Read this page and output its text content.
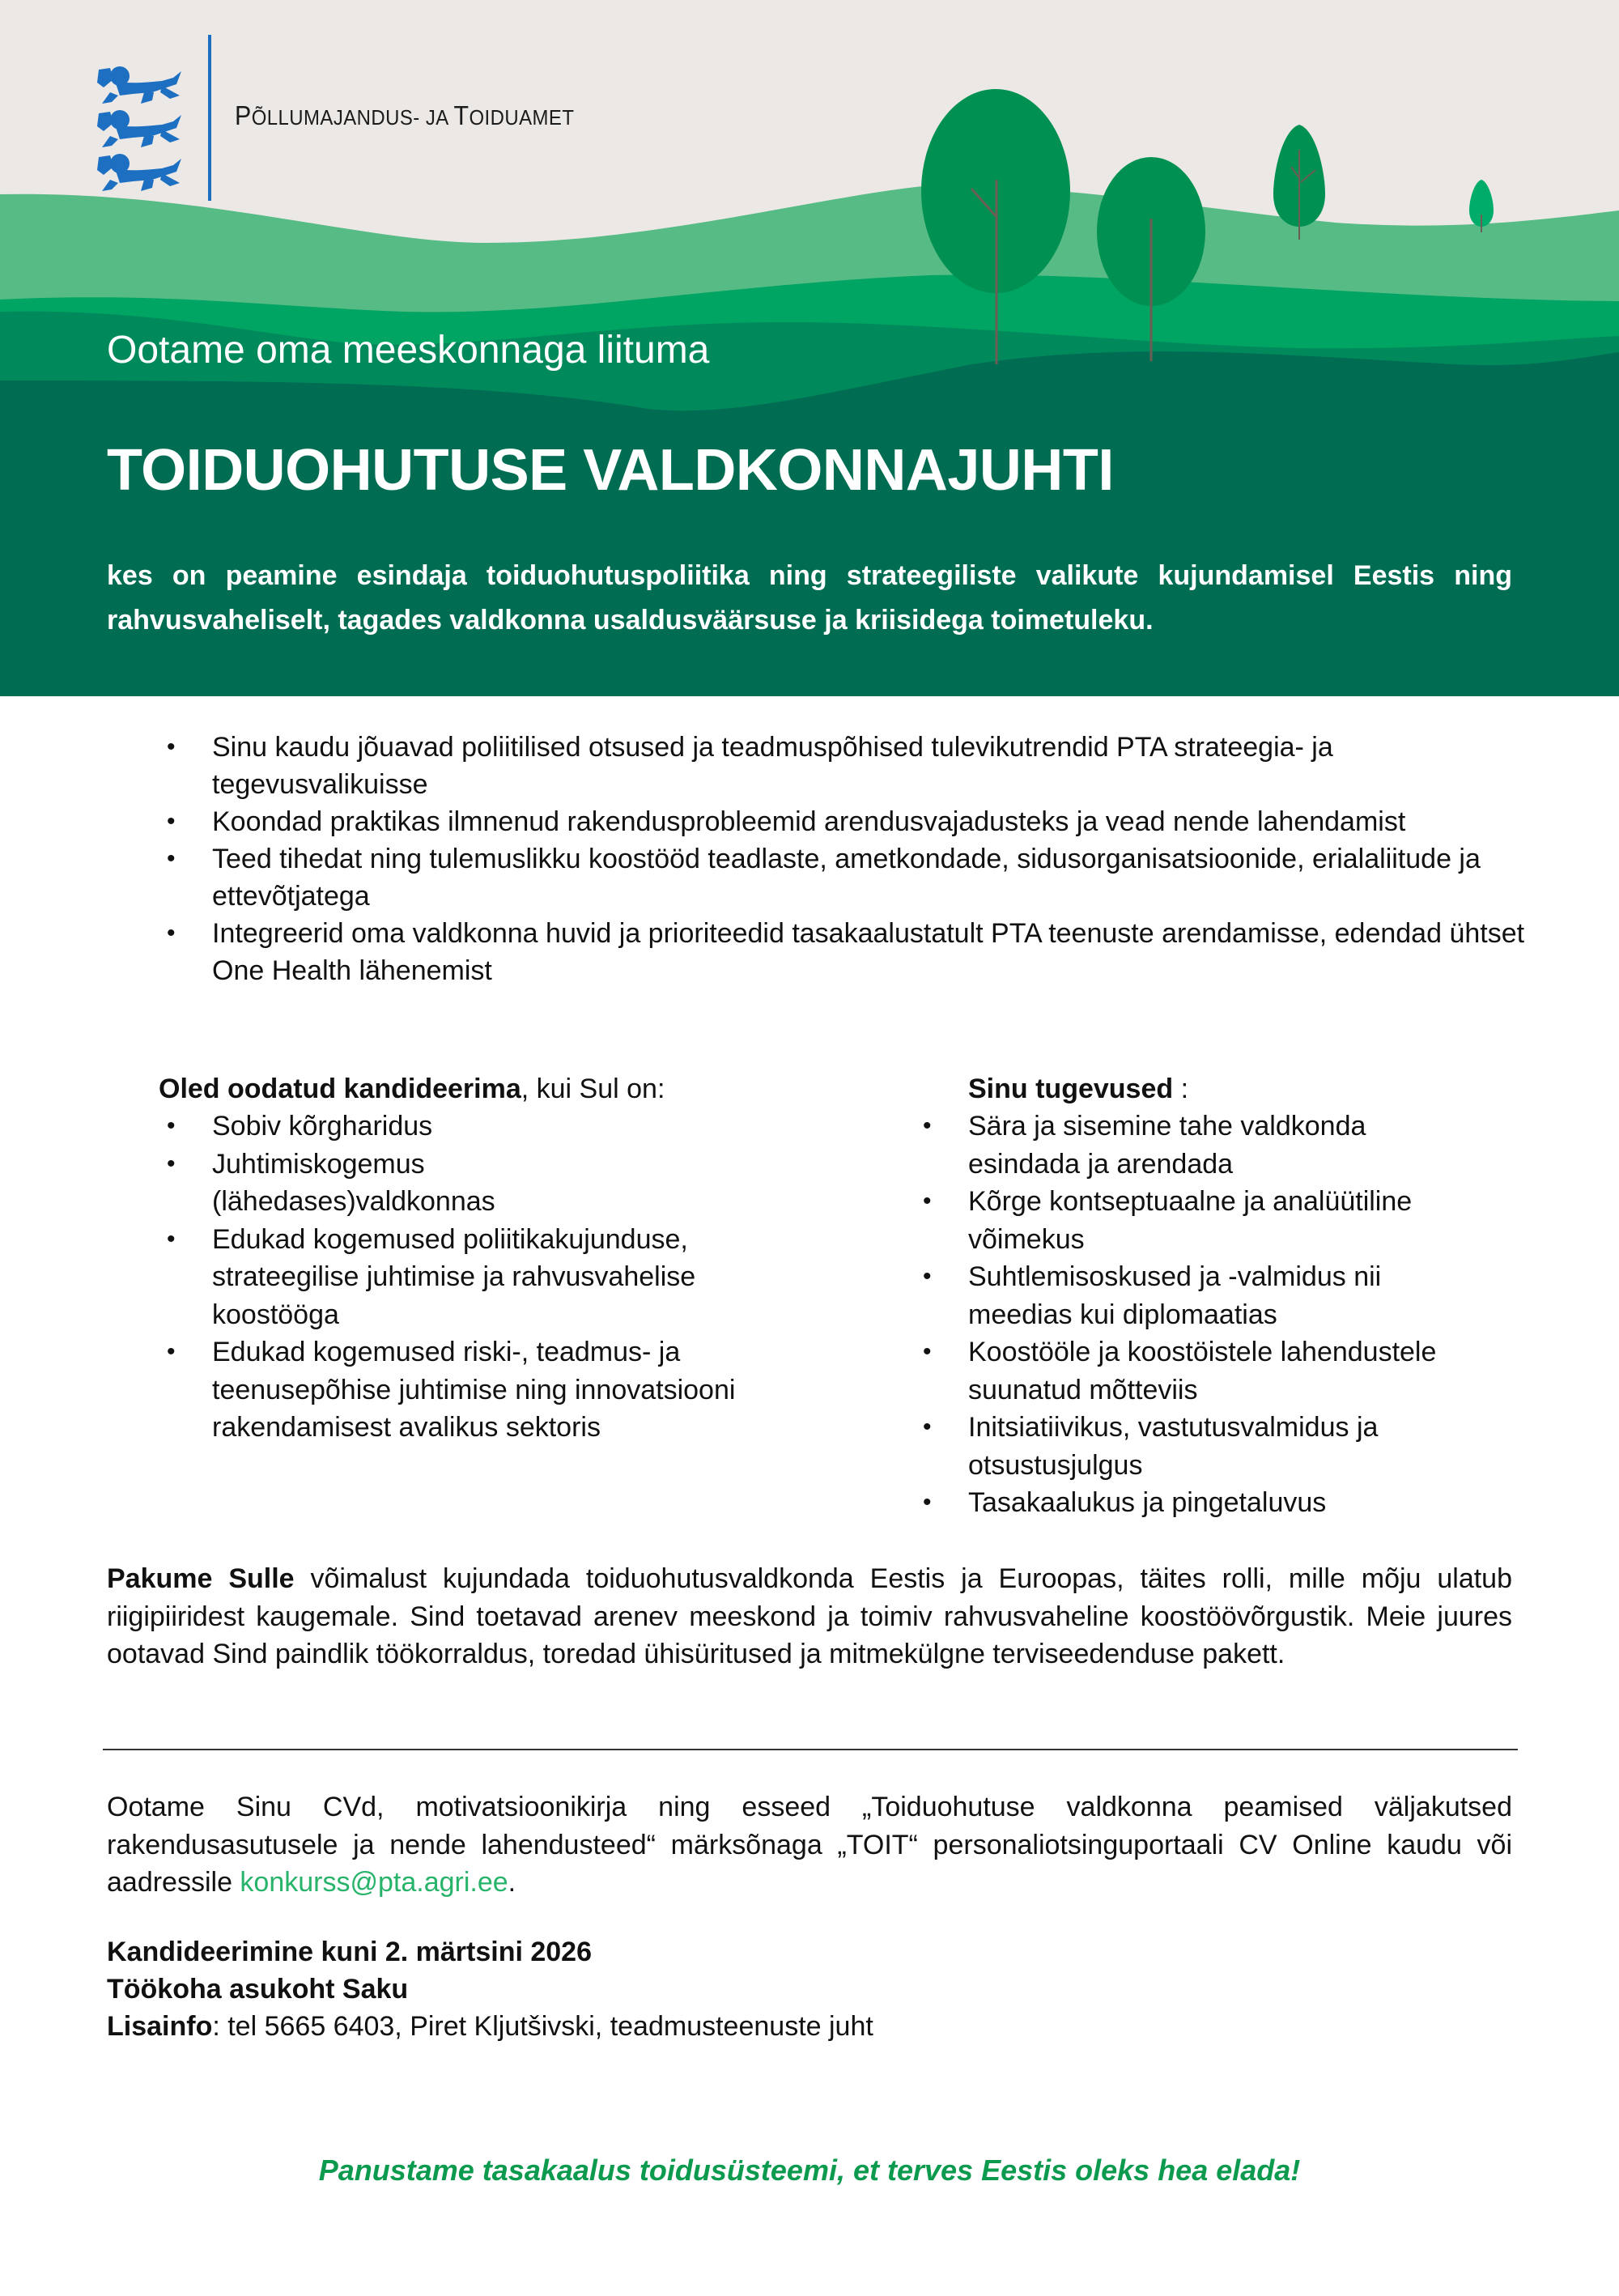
PÕLLUMAJANDUS- JA TOIDUAMET
Ootame oma meeskonnaga liituma
TOIDUOHUTUSE VALDKONNAJUHTI

kes on peamine esindaja toiduohutuspoliitika ning strateegiliste valikute kujundamisel Eestis ning rahvusvaheliselt, tagades valdkonna usaldusväärsuse ja kriisidega toimetuleku.

• Sinu kaudu jõuavad poliitilised otsused ja teadmuspõhised tulevikutrendid PTA strateegia- ja tegevusvalikuisse
• Koondad praktikas ilmnenud rakendusprobleemid arendusvajadusteks ja vead nende lahendamist
• Teed tihedat ning tulemuslikku koostööd teadlaste, ametkondade, sidusorganisatsioonide, erialaliitude ja ettevõtjatega
• Integreerid oma valdkonna huvid ja prioriteedid tasakaalustatult PTA teenuste arendamisse, edendad ühtset One Health lähenemist
Oled oodatud kandideerima, kui Sul on:
• Sobiv kõrgharidus
• Juhtimiskogemus (lähedases)valdkonnas
• Edukad kogemused poliitikakujunduse, strateegilise juhtimise ja rahvusvahelise koostööga
• Edukad kogemused riski-, teadmus- ja teenusepõhise juhtimise ning innovatsiooni rakendamisest avalikus sektoris
Sinu tugevused :
• Sära ja sisemine tahe valdkonda esindada ja arendada
• Kõrge kontseptuaalne ja analüütiline võimekus
• Suhtlemisoskused ja -valmidus nii meedias kui diplomaatias
• Koostööle ja koostöistele lahendustele suunatud mõtteviis
• Initsiatiivikus, vastutusvalmidus ja otsustusjulgus
• Tasakaalukus ja pingetaluvus

Pakume Sulle võimalust kujundada toiduohutusvaldkonda Eestis ja Euroopas, täites rolli, mille mõju ulatub riigipiiridest kaugemale. Sind toetavad arenev meeskond ja toimiv rahvusvaheline koostöövõrgustik. Meie juures ootavad Sind paindlik töökorraldus, toredad ühisüritused ja mitmekülgne terviseedenduse pakett.

Ootame Sinu CVd, motivatsioonikirja ning esseed „Toiduohutuse valdkonna peamised väljakutsed rakendusasutusele ja nende lahendusteed“ märksõnaga „TOIT“ personaliotsinguportaali CV Online kaudu või aadressile konkurss@pta.agri.ee.

Kandideerimine kuni 2. märtsini 2026
Töökoha asukoht Saku
Lisainfo: tel 5665 6403, Piret Kljutšivski, teadmusteenuste juht
Panustame tasakaalus toidusüsteemi, et terves Eestis oleks hea elada!
